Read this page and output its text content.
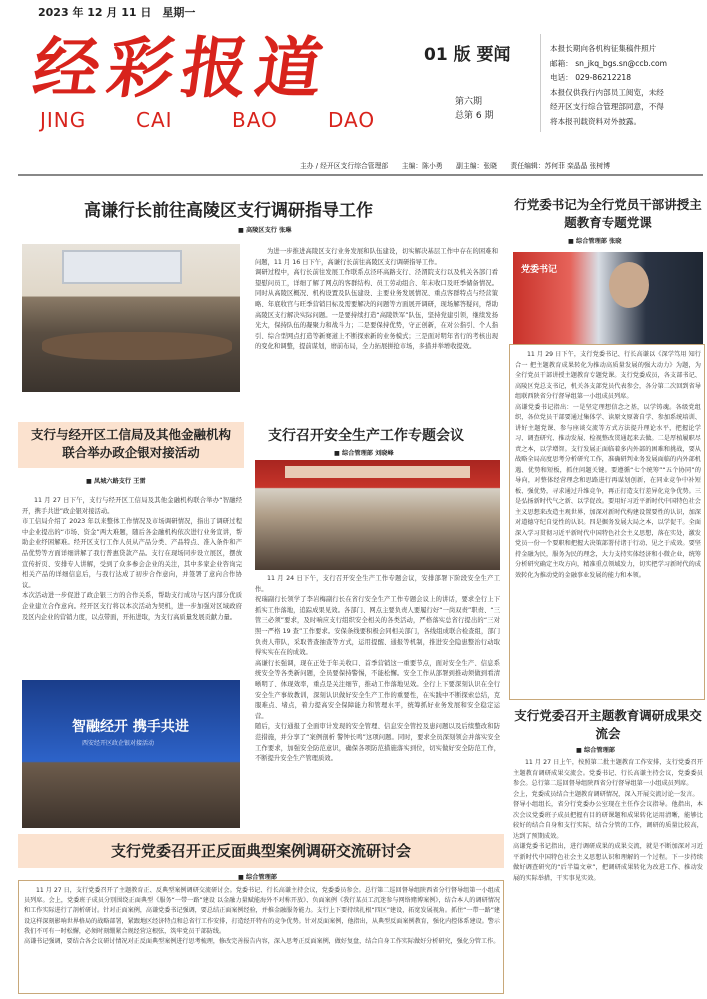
2023 年 12 月 11 日　星期一
经彩报道
JING CAI	BAO	DAO
01 版 要闻
第六期
总第 6 期
本报长期向各机构征集稿件照片
邮箱： sn_jkq_bgs.sn@ccb.com
电话： 029-86212218
本报仅供我行内部员工阅览，未经
经开区支行综合管理部同意，不得
将本报刊载资料对外披露。
主办 / 经开区支行综合管理部　　主编：陈小勇　　副主编：张晓　　责任编辑：苏何菲 栾晶晶 张树博
高谦行长前往高陵区支行调研指导工作
■ 高陵区支行 张琳

为进一步推进高陵区支行业务发展和队伍建设，切实解决基层工作中存在的困难和问题，11 月 16 日下午，高谦行长前往高陵区支行调研指导工作。
调研过程中，高行长前往发展工作联系点泾环高路支行、泾渭院支行以及机关各部门看望慰问员工，详细了解了网点的客群结构、员工劳动组合、年末收口及旺季储备情况。同时从高陵区概况、机构设置及队伍建设、主要业务发展情况、重点客群特点与经营策略、年底收官与旺季营销目标及需要解决的问题等方面展开调研，现场解答疑问，帮助高陵区支行解决实际问题。一是要持续打造“高陵铁军”队伍，坚持党建引领，继续发扬光大，保持队伍的凝聚力和战斗力；二是要保持优势，守正创新，在对公指引、个人指引、综合型网点打造等新赛道上不断探索新的业务模式；三是面对明年省行的考核出现的变化和调整，提前谋划，磨前布局，全力拓展拼抢市场，多措并举增收提效。

行党委书记为全行党员干部讲授主题教育专题党课
■ 综合管理部 张晓
党委书记

11 月 29 日下午，支行党委书记、行长高谦以《深学笃用 知行合一 把主题教育成果转化为推动高质量发展的强大动力》为题，为全行党员干部讲授主题教育专题党课。支行党委成员，各支部书记、高陵区党总支书记，机关各支部党员代表参会，各分第二次回到省导组联西陕省分行督导组第一小组成员列席。
高谦党委书记指出：一是坚定理想信念之基，以学铸魂。各级党组织，各位党员干部要通过集体学、读原文原著自学、参加系统培训、讲好主题党课、参与座谈交流等方式方法提升理论水平，把握论学习、调查研究、推动发展、检视整改贯通起来去做。二是厚植履职尽责之本，以学增智。支行发展正面临着多内外部的困难和挑战，要从战略全局高度思考分析研究工作，准确研判业务发展面临的内外部机遇、优势和短板，抓住问题关键。要遵循“七个统筹”“五个协同”的导向，对整体经营理念和思路进行再谋划创新，在同业竞争中补短板、强优势，寻求通过升维竞争，再正打造支行差异化竞争优势。三是弘扬新时代气之新、以学促改。要用好习近平新时代中国特色社会主义思想来改造主观世界，加深对新时代构建设置要性的认识，加深对道德守纪自觉性的认识。四是掘务发展大局之本，以学促干。全面深入学习贯彻习近平新时代中国特色社会主义思想，落在实处，激发党员一份一个要职和把握大决策部署付诸于行动、见之于成效。要坚持金融为民，服务为民的理念，大力支持实体经济和小微企业，统筹分析研究确定主攻方向，精准重点领域发力，切实把学习新时代的成效转化为推动党的金融事业发展的能力和本领。

支行与经开区工信局及其他金融机构联合举办政企银对接活动
■ 凤城六路支行 王雷

11 月 27 日下午，支行与经开区工信局及其他金融机构联合举办“智融经开，携手共进”政企银对接活动。
市工信局介绍了 2023 年以来整体工作情况及市场调研情况，指出了调研过程中企业提出的“市场、资金”两大难题，随后各金融机构依次进行业务宣讲，帮助企业纾困解难。经开区支行工作人员从产品分类、产品特点、准入条件和产品优势等方面详细讲解了我行普惠贷款产品。支行在现场同步设立展区，摆放宣传折页、安排专人讲解，受到了众多参会企业的关注，其中多家企业咨询完相关产品的详细信息后，与我行达成了初步合作意向，并签署了意向合作协议。
本次活动进一步促进了政企银三方的合作关系，帮助支行成功与区内部分优质企业建立合作意向。经开区支行将以本次活动为契机，进一步加强对区域政府及区内企业的营销力度，以点带面，开拓进取，为支行高质量发展贡献力量。

智融经开 携手共进
西安经开区政企银对接活动
支行召开安全生产工作专题会议
■ 综合管理部 刘晓峰

11 月 24 日下午，支行召开安全生产工作专题会议，安排部署下阶段安全生产工作。
祝瑞副行长领学了李岩梅副行长在省行安全生产工作专题会议上的讲话，要求全行上下抓实工作落地，追踪成果见效。各部门、网点主要负责人要履行好“一岗双责”职责、“三管三必须”要求，及时响应支行组织安全相关的各类活动，严格落实总省行提出的“三对照一严格 19 查”工作要求。安保条线要积极会同相关部门，各线组成联合检查组，部门负责人带队，采取普查抽查等方式，运用提醒、通报等机制，推进安全隐患整治行动取得实实在在的成效。
高谦行长强调，现在正处于年关收口、首季营销这一重要节点，面对安全生产、信息系统安全等各类新问题，全员要保持警惕，不能松懈。安全工作从部署到推动须做到看清晰明了、体现效率，重点是关注细节，推动工作落地见效。全行上下要深刻认识在全行安全生产事故教训，深刻认识做好安全生产工作的重要性，在实践中不断探索总结，克服难点、堵点，着力提高安全保障能力和管理水平，统筹抓好业务发展和安全稳定运营。
随后，支行通报了全面审计发现的安全管理、信息安全管控及患问题以及后续整改和防范措施，并分享了“案例剖析 警钟长鸣”这项问题。同时，要求全员深刻领会并落实安全工作要求，加强安全防范意识，确保各项防范措施落实到位，切实做好安全防范工作，不断提升安全生产管理质效。

支行党委召开主题教育调研成果交流会
■ 综合管理部

11 月 27 日上午，按照第二批主题教育工作安排，支行党委召开主题教育调研成果交流会。党委书记、行长高谦主持会议，党委委员参会。总行第二巡回督导组陕西省分行督导组第一小组成员列席。
会上，党委成员结合主题教育调研情况，深入开展交流讨论一发言。
督导小组组长，省分行党委办公室现在主任作会议指导。他指出，本次会议党委班子成员把握有目的研课题和成果转化运用清晰，能够比较好的结合自身和支行实际，结合分管的工作，调研的质量比较高，达到了预期成效。
高谦党委书记指出，进行调研成果的成果交流，就是不断加深对习近平新时代中国特色社会主义思想认识和理解的一个过程。下一步持续做好调查研究的“后半篇文章”，把调研成果转化为改进工作、推动发展的实际举措，干实事见实效。

支行党委召开正反面典型案例调研交流研讨会
■ 综合管理部

11 月 27 日，支行党委召开了主题教育正、反典型案例调研交流研讨会。党委书记、行长高谦主持会议，党委委员参会。总行第二巡回督导组陕西省分行督导组第一小组成员列席。会上，党委班子成员分别围绕正面典型《服务“一带一路”建设 以金融力量赋能海外不对称开放》、负面案例《我行某员工沉迷参与网络赌博案例》，结合本人的调研情况和工作实际进行了剖析研讨。针对正面案例，高谦党委书记强调，要总结正面案例经验，并推金融服务能力。支行上下要持续扎根“四区”建设，拓宽发展视角。抓住“一带一路”建设这样深刻影响世界格局的战略部署，紧跟地区经济特点和总省行工作安排，打造经开特有的竞争优势。针对反面案例，他指出，从典型反面案例教育，强化内控体系建设。警示我们不可有一时松懈，必须时刻绷紧合规经营这根弦，筑牢党员干部防线。
高谦书记强调，要结合各会议研讨情况对正反面典型案例进行思考梳理，修改完善报告内容，深入思考正反面案例，做好复盘，结合自身工作实际做好分析研究，强化分管工作。
